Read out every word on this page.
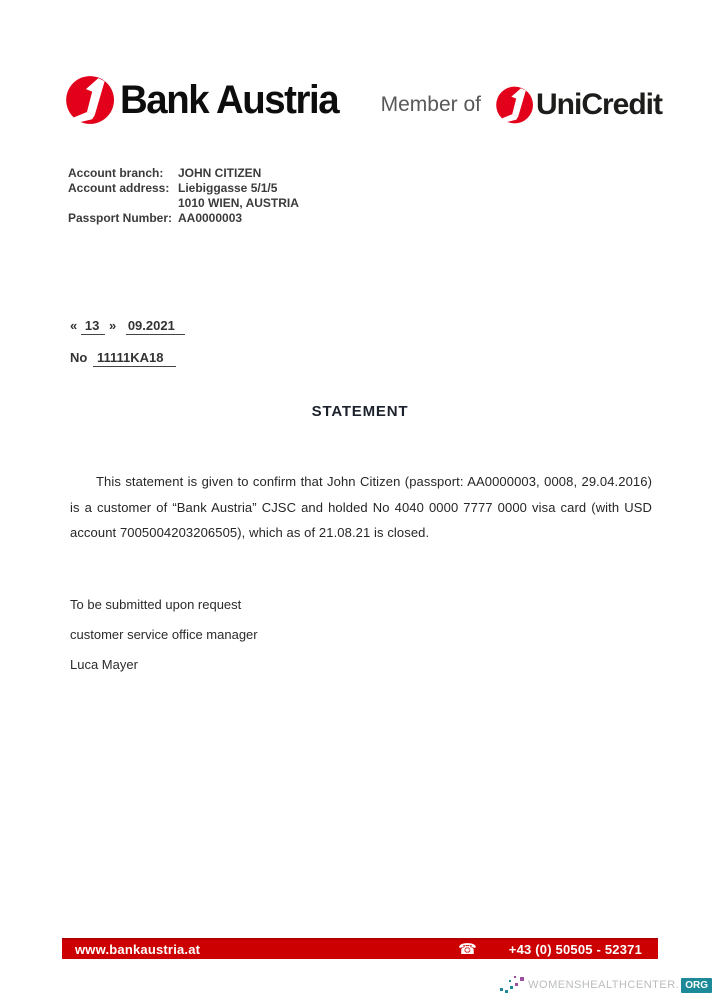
Bank Austria Member of UniCredit
Account branch:	JOHN CITIZEN
Account address: Liebiggasse 5/1/5
1010 WIEN, AUSTRIA
Passport Number: AA0000003
« 13 » 09.2021
No 11111KA18
STATEMENT
This statement is given to confirm that John Citizen (passport: AA0000003, 0008, 29.04.2016) is a customer of “Bank Austria” CJSC and holded No 4040 0000 7777 0000 visa card (with USD account 7005004203206505), which as of 21.08.21 is closed.
To be submitted upon request
customer service office manager
Luca Mayer
www.bankaustria.at	☎ +43 (0) 50505 - 52371
WOMENSHEALTHCENTER. ORG
